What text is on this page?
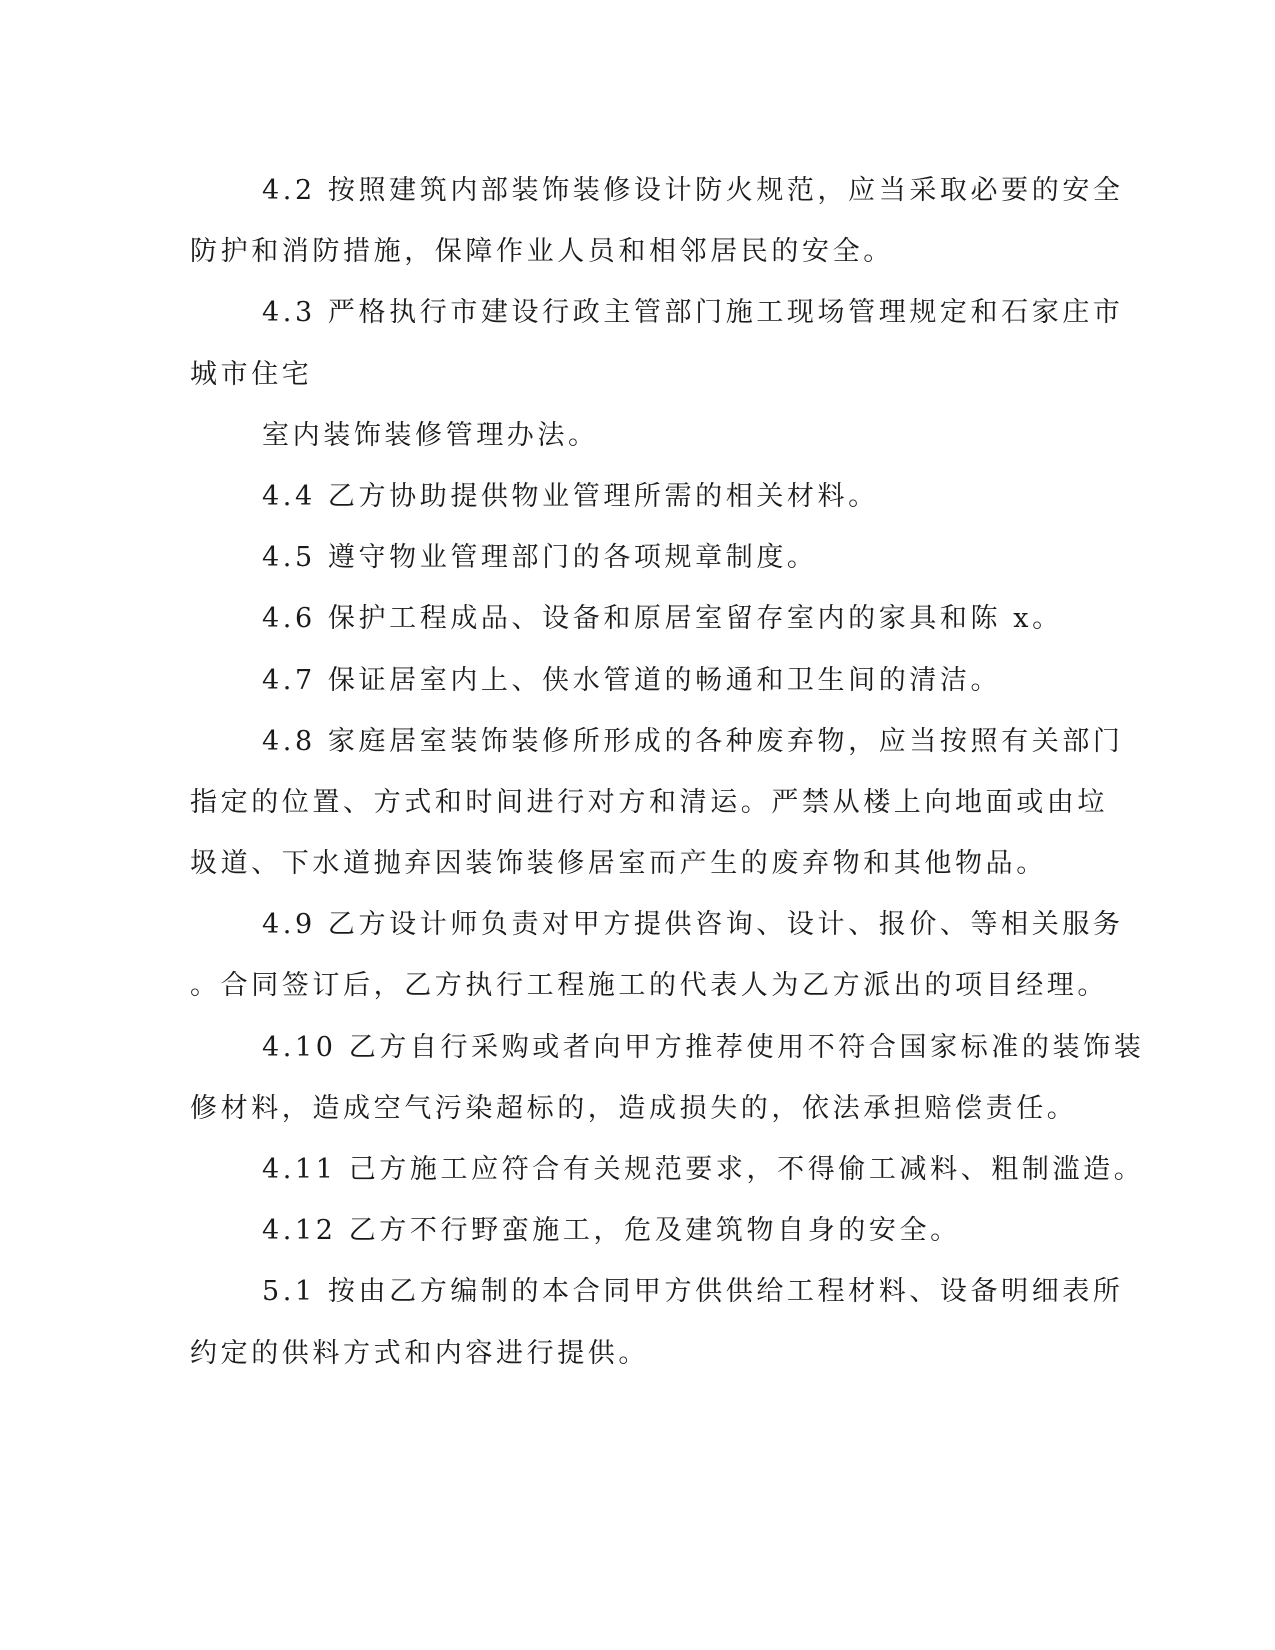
4.2 按照建筑内部装饰装修设计防火规范，应当采取必要的安全
防护和消防措施，保障作业人员和相邻居民的安全。
4.3 严格执行市建设行政主管部门施工现场管理规定和石家庄市
城市住宅
室内装饰装修管理办法。
4.4 乙方协助提供物业管理所需的相关材料。
4.5 遵守物业管理部门的各项规章制度。
4.6 保护工程成品、设备和原居室留存室内的家具和陈 x。
4.7 保证居室内上、侠水管道的畅通和卫生间的清洁。
4.8 家庭居室装饰装修所形成的各种废弃物，应当按照有关部门
指定的位置、方式和时间进行对方和清运。严禁从楼上向地面或由垃
圾道、下水道抛弃因装饰装修居室而产生的废弃物和其他物品。
4.9 乙方设计师负责对甲方提供咨询、设计、报价、等相关服务
。合同签订后，乙方执行工程施工的代表人为乙方派出的项目经理。
4.10 乙方自行采购或者向甲方推荐使用不符合国家标准的装饰装
修材料，造成空气污染超标的，造成损失的，依法承担赔偿责任。
4.11 己方施工应符合有关规范要求，不得偷工减料、粗制滥造。
4.12 乙方不行野蛮施工，危及建筑物自身的安全。
5.1 按由乙方编制的本合同甲方供供给工程材料、设备明细表所
约定的供料方式和内容进行提供。
